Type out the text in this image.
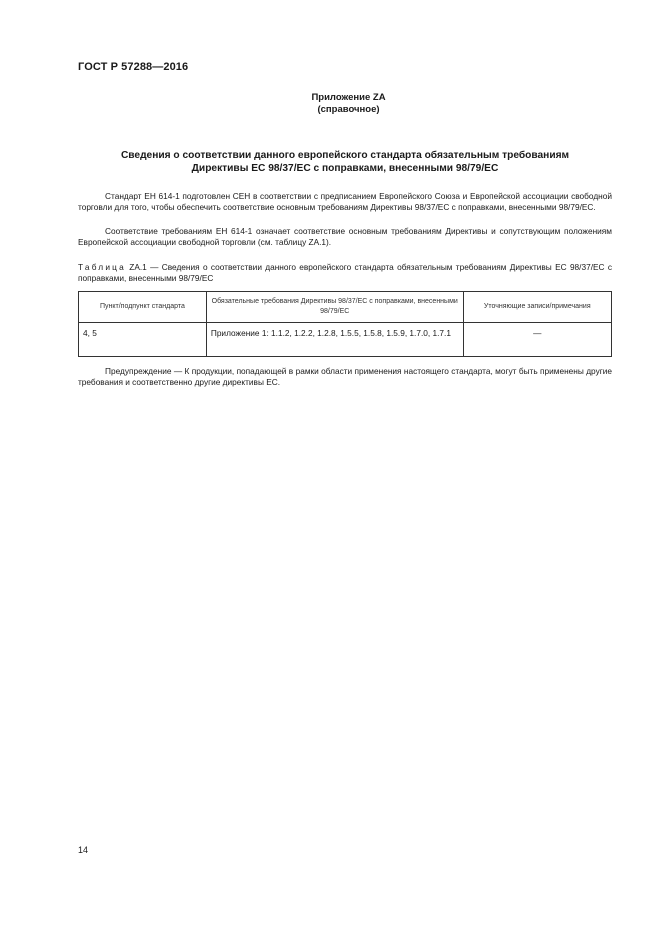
ГОСТ Р 57288—2016
Приложение ZA
(справочное)
Сведения о соответствии данного европейского стандарта обязательным требованиям
Директивы ЕС 98/37/ЕС с поправками, внесенными 98/79/ЕС
Стандарт ЕН 614-1 подготовлен СЕН в соответствии с предписанием Европейского Союза и Европейской ассоциации свободной торговли для того, чтобы обеспечить соответствие основным требованиям Директивы 98/37/ЕС с поправками, внесенными 98/79/ЕС.
Соответствие требованиям ЕН 614-1 означает соответствие основным требованиям Директивы и сопутствующим положениям Европейской ассоциации свободной торговли (см. таблицу ZA.1).
Таблица ZA.1 — Сведения о соответствии данного европейского стандарта обязательным требованиям Директивы ЕС 98/37/ЕС с поправками, внесенными 98/79/ЕС
Пункт/подпункт стандарта	Обязательные требования Директивы 98/37/ЕС с поправками, внесенными 98/79/ЕС	Уточняющие записи/примечания
4, 5	Приложение 1: 1.1.2, 1.2.2, 1.2.8, 1.5.5, 1.5.8, 1.5.9, 1.7.0, 1.7.1	—
Предупреждение — К продукции, попадающей в рамки области применения настоящего стандарта, могут быть применены другие требования и соответственно другие директивы ЕС.
14
